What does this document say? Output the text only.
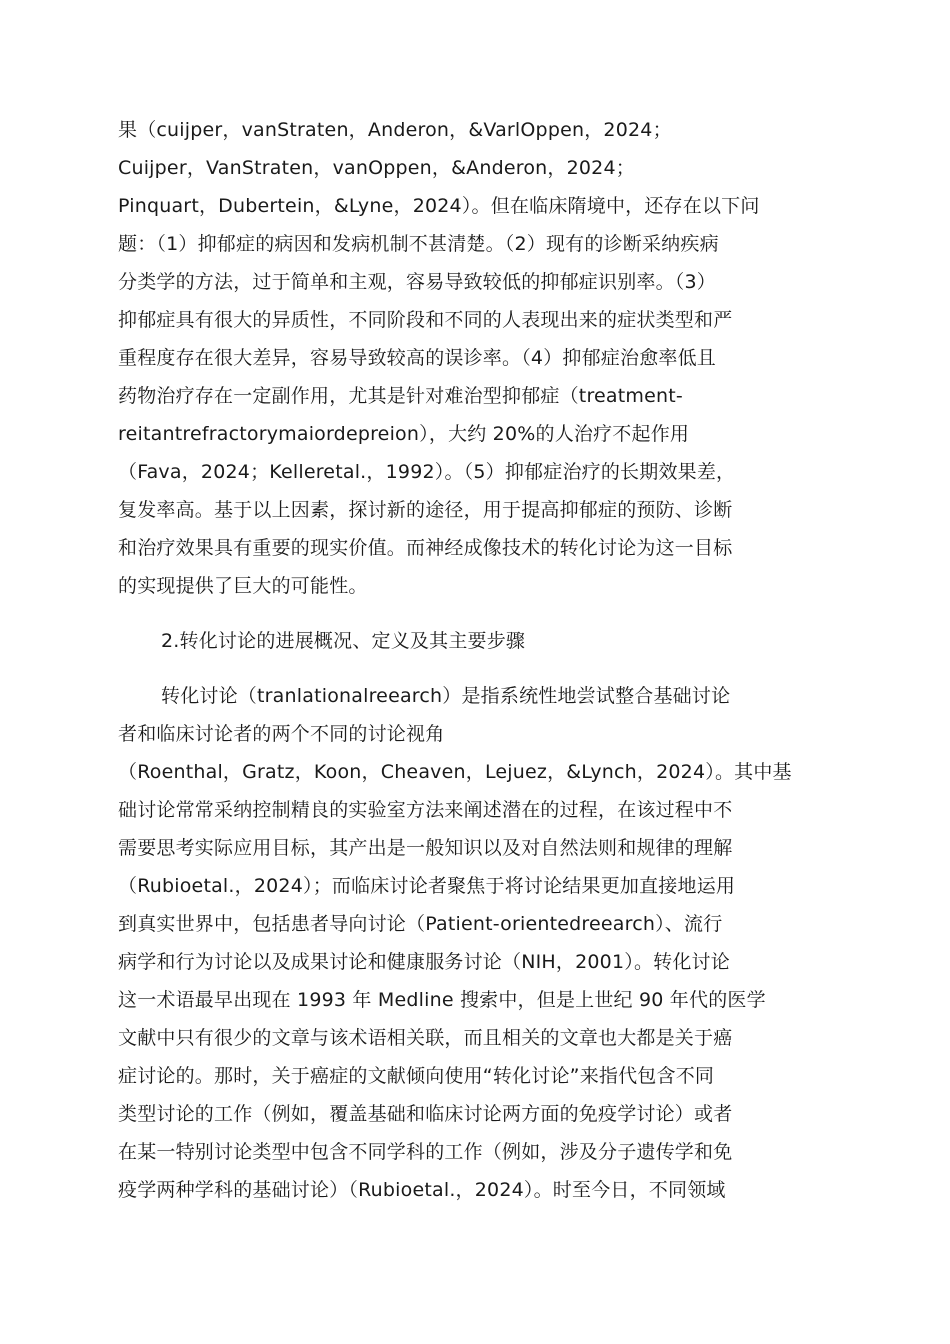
果（cuijper，vanStraten，Anderon，&VarlOppen，2024；
Cuijper，VanStraten，vanOppen，&Anderon，2024；
Pinquart，Dubertein，&Lyne，2024）。但在临床隋境中，还存在以下问
题：（1）抑郁症的病因和发病机制不甚清楚。（2）现有的诊断采纳疾病
分类学的方法，过于简单和主观，容易导致较低的抑郁症识别率。（3）
抑郁症具有很大的异质性，不同阶段和不同的人表现出来的症状类型和严
重程度存在很大差异，容易导致较高的误诊率。（4）抑郁症治愈率低且
药物治疗存在一定副作用，尤其是针对难治型抑郁症（treatment-
reitantrefractorymaiordepreion），大约 20%的人治疗不起作用
（Fava，2024；Kelleretal.，1992）。（5）抑郁症治疗的长期效果差，
复发率高。基于以上因素，探讨新的途径，用于提高抑郁症的预防、诊断
和治疗效果具有重要的现实价值。而神经成像技术的转化讨论为这一目标
的实现提供了巨大的可能性。
2.转化讨论的进展概况、定义及其主要步骤
转化讨论（tranlationalreearch）是指系统性地尝试整合基础讨论
者和临床讨论者的两个不同的讨论视角
（Roenthal，Gratz，Koon，Cheaven，Lejuez，&Lynch，2024）。其中基
础讨论常常采纳控制精良的实验室方法来阐述潜在的过程，在该过程中不
需要思考实际应用目标，其产出是一般知识以及对自然法则和规律的理解
（Rubioetal.，2024）；而临床讨论者聚焦于将讨论结果更加直接地运用
到真实世界中，包括患者导向讨论（Patient-orientedreearch）、流行
病学和行为讨论以及成果讨论和健康服务讨论（NIH，2001）。转化讨论
这一术语最早出现在 1993 年 Medline 搜索中，但是上世纪 90 年代的医学
文献中只有很少的文章与该术语相关联，而且相关的文章也大都是关于癌
症讨论的。那时，关于癌症的文献倾向使用“转化讨论”来指代包含不同
类型讨论的工作（例如，覆盖基础和临床讨论两方面的免疫学讨论）或者
在某一特别讨论类型中包含不同学科的工作（例如，涉及分子遗传学和免
疫学两种学科的基础讨论）（Rubioetal.，2024）。时至今日，不同领域
